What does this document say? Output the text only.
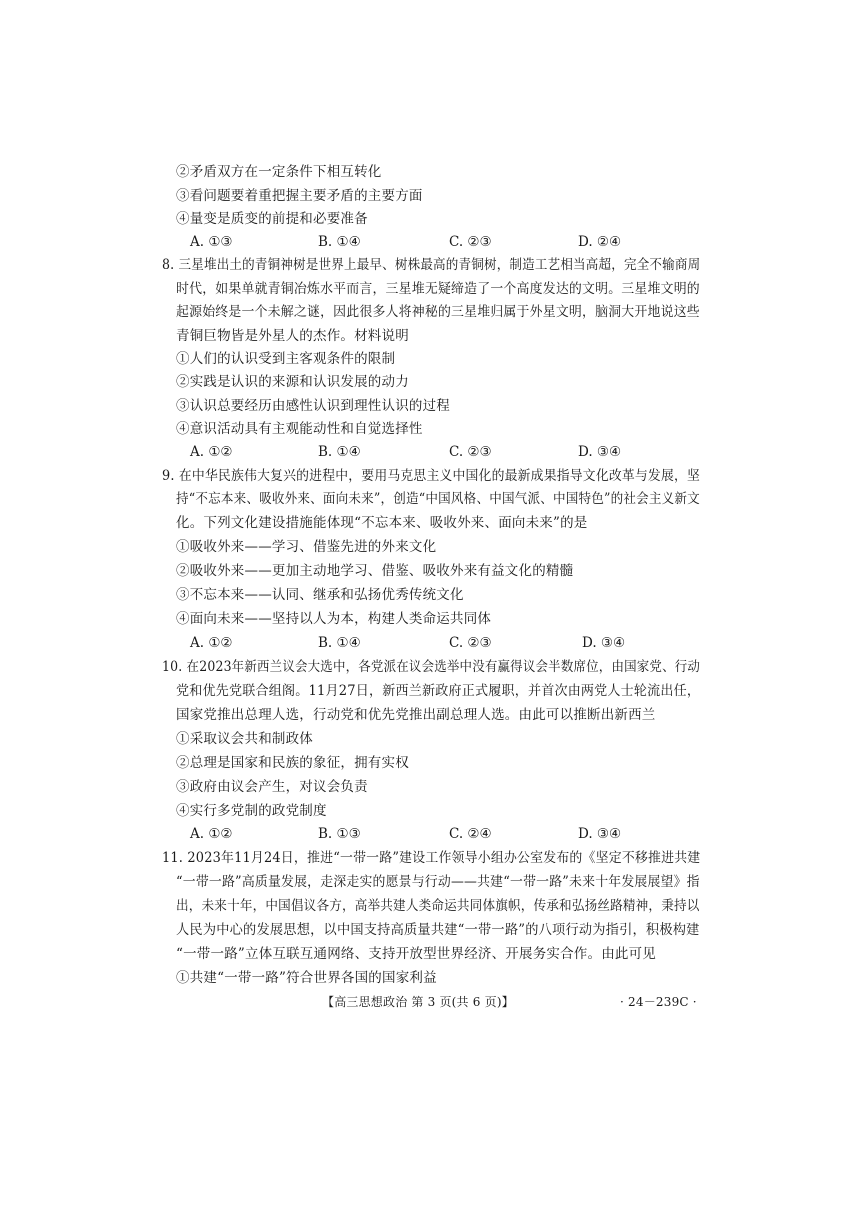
②矛盾双方在一定条件下相互转化
③看问题要着重把握主要矛盾的主要方面
④量变是质变的前提和必要准备
A. ①③	B. ①④	C. ②③	D. ②④
8. 三星堆出土的青铜神树是世界上最早、树株最高的青铜树，制造工艺相当高超，完全不输商周
时代，如果单就青铜冶炼水平而言，三星堆无疑缔造了一个高度发达的文明。三星堆文明的
起源始终是一个未解之谜，因此很多人将神秘的三星堆归属于外星文明，脑洞大开地说这些
青铜巨物皆是外星人的杰作。材料说明
①人们的认识受到主客观条件的限制
②实践是认识的来源和认识发展的动力
③认识总要经历由感性认识到理性认识的过程
④意识活动具有主观能动性和自觉选择性
A. ①②	B. ①④	C. ②③	D. ③④
9. 在中华民族伟大复兴的进程中，要用马克思主义中国化的最新成果指导文化改革与发展，坚
持“不忘本来、吸收外来、面向未来”，创造“中国风格、中国气派、中国特色”的社会主义新文
化。下列文化建设措施能体现“不忘本来、吸收外来、面向未来”的是
①吸收外来——学习、借鉴先进的外来文化
②吸收外来——更加主动地学习、借鉴、吸收外来有益文化的精髓
③不忘本来——认同、继承和弘扬优秀传统文化
④面向未来——坚持以人为本，构建人类命运共同体
A. ①②	B. ①④	C. ②③	D. ③④
10. 在2023年新西兰议会大选中，各党派在议会选举中没有赢得议会半数席位，由国家党、行动
党和优先党联合组阁。11月27日，新西兰新政府正式履职，并首次由两党人士轮流出任，
国家党推出总理人选，行动党和优先党推出副总理人选。由此可以推断出新西兰
①采取议会共和制政体
②总理是国家和民族的象征，拥有实权
③政府由议会产生，对议会负责
④实行多党制的政党制度
A. ①②	B. ①③	C. ②④	D. ③④
11. 2023年11月24日，推进“一带一路”建设工作领导小组办公室发布的《坚定不移推进共建
“一带一路”高质量发展，走深走实的愿景与行动——共建“一带一路”未来十年发展展望》指
出，未来十年，中国倡议各方，高举共建人类命运共同体旗帜，传承和弘扬丝路精神，秉持以
人民为中心的发展思想，以中国支持高质量共建“一带一路”的八项行动为指引，积极构建
“一带一路”立体互联互通网络、支持开放型世界经济、开展务实合作。由此可见
①共建“一带一路”符合世界各国的国家利益
【高三思想政治 第 3 页(共 6 页)】	· 24－239C ·
